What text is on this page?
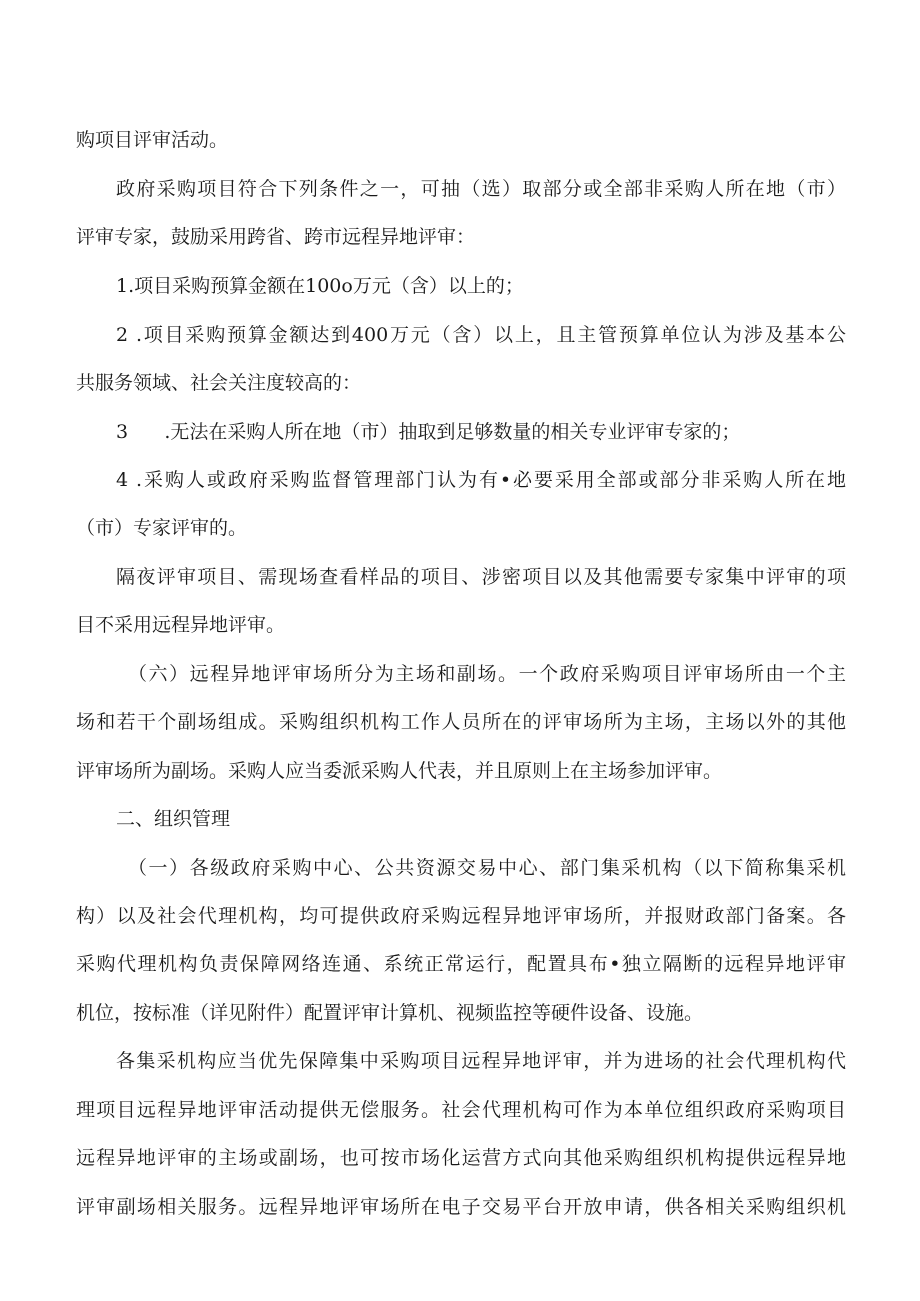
购项目评审活动。
政府采购项目符合下列条件之一，可抽（选）取部分或全部非采购人所在地（市）
评审专家，鼓励采用跨省、跨市远程异地评审：
1.项目采购预算金额在100o万元（含）以上的；
2 .项目采购预算金额达到400万元（含）以上，且主管预算单位认为涉及基本公
共服务领域、社会关注度较高的：
3      .无法在采购人所在地（市）抽取到足够数量的相关专业评审专家的；
4 .采购人或政府采购监督管理部门认为有•必要采用全部或部分非采购人所在地
（市）专家评审的。
隔夜评审项目、需现场查看样品的项目、涉密项目以及其他需要专家集中评审的项
目不采用远程异地评审。
（六）远程异地评审场所分为主场和副场。一个政府采购项目评审场所由一个主
场和若干个副场组成。采购组织机构工作人员所在的评审场所为主场，主场以外的其他
评审场所为副场。采购人应当委派采购人代表，并且原则上在主场参加评审。
二、组织管理
（一）各级政府采购中心、公共资源交易中心、部门集采机构（以下简称集采机
构）以及社会代理机构，均可提供政府采购远程异地评审场所，并报财政部门备案。各
采购代理机构负责保障网络连通、系统正常运行，配置具布•独立隔断的远程异地评审
机位，按标准（详见附件）配置评审计算机、视频监控等硬件设备、设施。
各集采机构应当优先保障集中采购项目远程异地评审，并为进场的社会代理机构代
理项目远程异地评审活动提供无偿服务。社会代理机构可作为本单位组织政府采购项目
远程异地评审的主场或副场，也可按市场化运营方式向其他采购组织机构提供远程异地
评审副场相关服务。远程异地评审场所在电子交易平台开放申请，供各相关采购组织机
